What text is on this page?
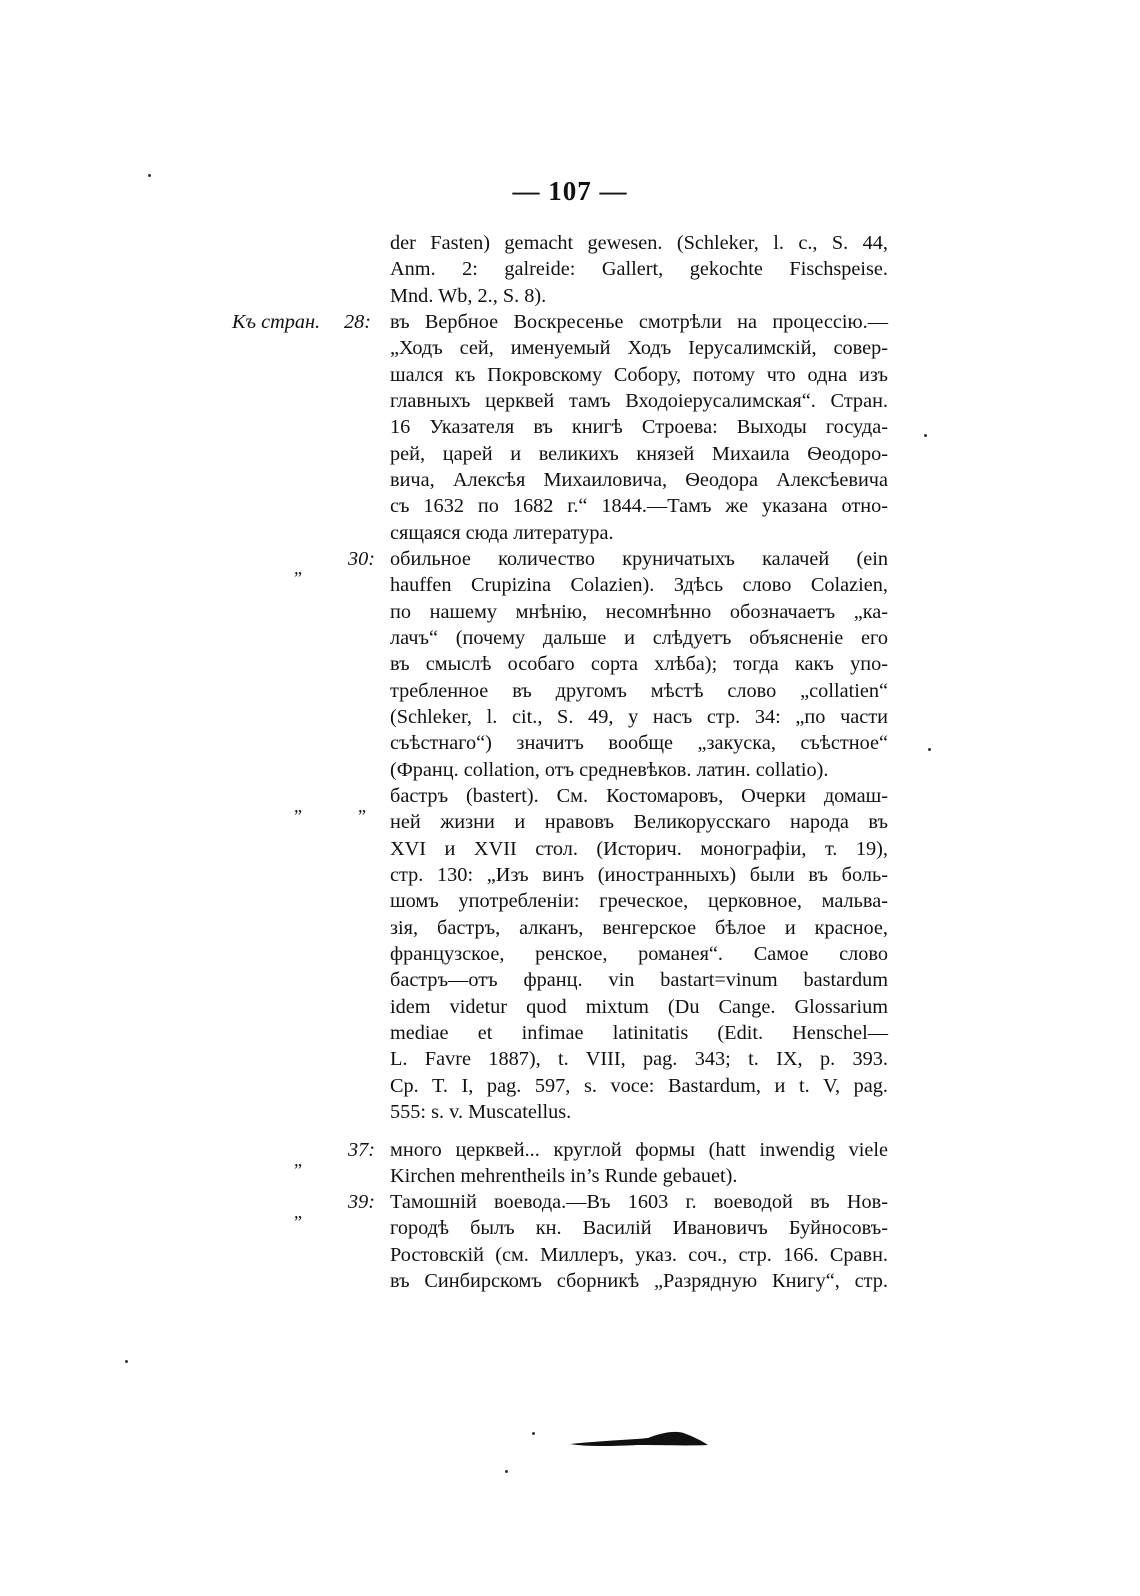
— 107 —
der Fasten) gemacht gewesen. (Schleker, l. c., S. 44,
Anm. 2: galreide: Gallert, gekochte Fischspeise.
Mnd. Wb, 2., S. 8).
Къ стран. 28: въ Вербное Воскресенье смотрѣли на процессію.—
„Ходъ сей, именуемый Ходъ Іерусалимскій, совер-
шался къ Покровскому Собору, потому что одна изъ
главныхъ церквей тамъ Входоіерусалимская“. Стран.
16 Указателя въ книгѣ Строева: Выходы госуда-
рей, царей и великихъ князей Михаила Ѳеодоро-
вича, Алексѣя Михаиловича, Ѳеодора Алексѣевича
съ 1632 по 1682 г.“ 1844.—Тамъ же указана отно-
сящаяся сюда литература.
„ 30: обильное количество круничатыхъ калачей (ein
hauffen Crupizina Colazien). Здѣсь слово Colazien,
по нашему мнѣнію, несомнѣнно обозначаетъ „ка-
лачъ“ (почему дальше и слѣдуетъ объясненіе его
въ смыслѣ особаго сорта хлѣба); тогда какъ упо-
требленное въ другомъ мѣстѣ слово „collatien“
(Schleker, l. cit., S. 49, у насъ стр. 34: „по части
съѣстнаго“) значитъ вообще „закуска, съѣстное“
(Франц. collation, отъ средневѣков. латин. collatio).
„	„ бастръ (bastert). См. Костомаровъ, Очерки домаш-
ней жизни и нравовъ Великорусскаго народа въ
XVI и XVII стол. (Историч. монографіи, т. 19),
стр. 130: „Изъ винъ (иностранныхъ) были въ боль-
шомъ употребленіи: греческое, церковное, мальва-
зія, бастръ, алканъ, венгерское бѣлое и красное,
французское, ренское, романея“. Самое слово
бастръ—отъ франц. vin bastart=vinum bastardum
idem videtur quod mixtum (Du Cange. Glossarium
mediae et infimae latinitatis (Edit. Henschel—
L. Favre 1887), t. VIII, pag. 343; t. IX, p. 393.
Cp. T. I, pag. 597, s. voce: Bastardum, и t. V, pag.
555: s. v. Muscatellus.
„ 37: много церквей... круглой формы (hatt inwendig viele
Kirchen mehrentheils in’s Runde gebauet).
„ 39: Тамошній воевода.—Въ 1603 г. воеводой въ Нов-
городѣ былъ кн. Василій Ивановичъ Буйносовъ-
Ростовскій (см. Миллеръ, указ. соч., стр. 166. Сравн.
въ Синбирскомъ сборникѣ „Разрядную Книгу“, стр.
